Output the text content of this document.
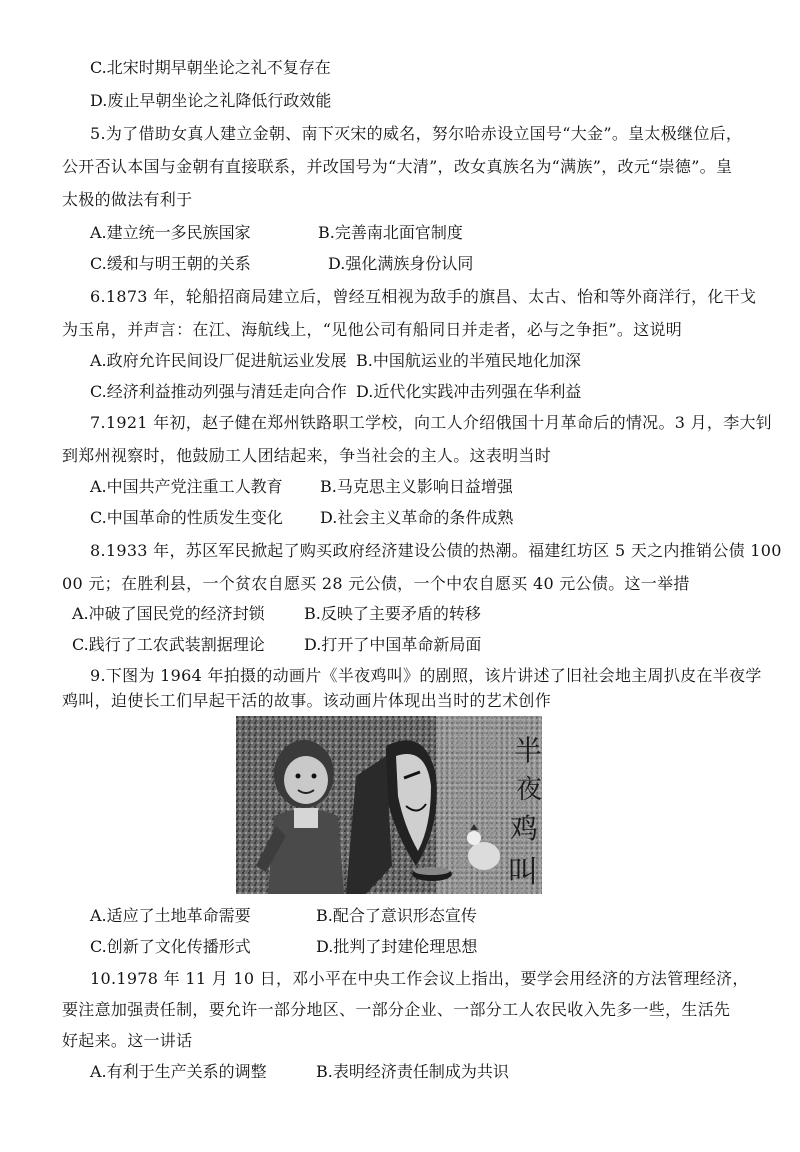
C.北宋时期早朝坐论之礼不复存在
D.废止早朝坐论之礼降低行政效能
5.为了借助女真人建立金朝、南下灭宋的威名，努尔哈赤设立国号“大金”。皇太极继位后，
公开否认本国与金朝有直接联系，并改国号为“大清”，改女真族名为“满族”，改元“崇德”。皇
太极的做法有利于
A.建立统一多民族国家	B.完善南北面官制度
C.缓和与明王朝的关系	D.强化满族身份认同
6.1873 年，轮船招商局建立后，曾经互相视为敌手的旗昌、太古、怡和等外商洋行，化干戈
为玉帛，并声言：在江、海航线上，“见他公司有船同日并走者，必与之争拒”。这说明
A.政府允许民间设厂促进航运业发展 B.中国航运业的半殖民地化加深
C.经济利益推动列强与清廷走向合作 D.近代化实践冲击列强在华利益
7.1921 年初，赵子健在郑州铁路职工学校，向工人介绍俄国十月革命后的情况。3 月，李大钊
到郑州视察时，他鼓励工人团结起来，争当社会的主人。这表明当时
A.中国共产党注重工人教育 B.马克思主义影响日益增强
C.中国革命的性质发生变化 D.社会主义革命的条件成熟
8.1933 年，苏区军民掀起了购买政府经济建设公债的热潮。福建红坊区 5 天之内推销公债 100
00 元；在胜利县，一个贫农自愿买 28 元公债，一个中农自愿买 40 元公债。这一举措
A.冲破了国民党的经济封锁 B.反映了主要矛盾的转移
C.践行了工农武装割据理论 D.打开了中国革命新局面
9.下图为 1964 年拍摄的动画片《半夜鸡叫》的剧照，该片讲述了旧社会地主周扒皮在半夜学
鸡叫，迫使长工们早起干活的故事。该动画片体现出当时的艺术创作
半
夜
鸡
叫
A.适应了土地革命需要	B.配合了意识形态宣传
C.创新了文化传播形式	D.批判了封建伦理思想
10.1978 年 11 月 10 日，邓小平在中央工作会议上指出，要学会用经济的方法管理经济，
要注意加强责任制，要允许一部分地区、一部分企业、一部分工人农民收入先多一些，生活先
好起来。这一讲话
A.有利于生产关系的调整	B.表明经济责任制成为共识
